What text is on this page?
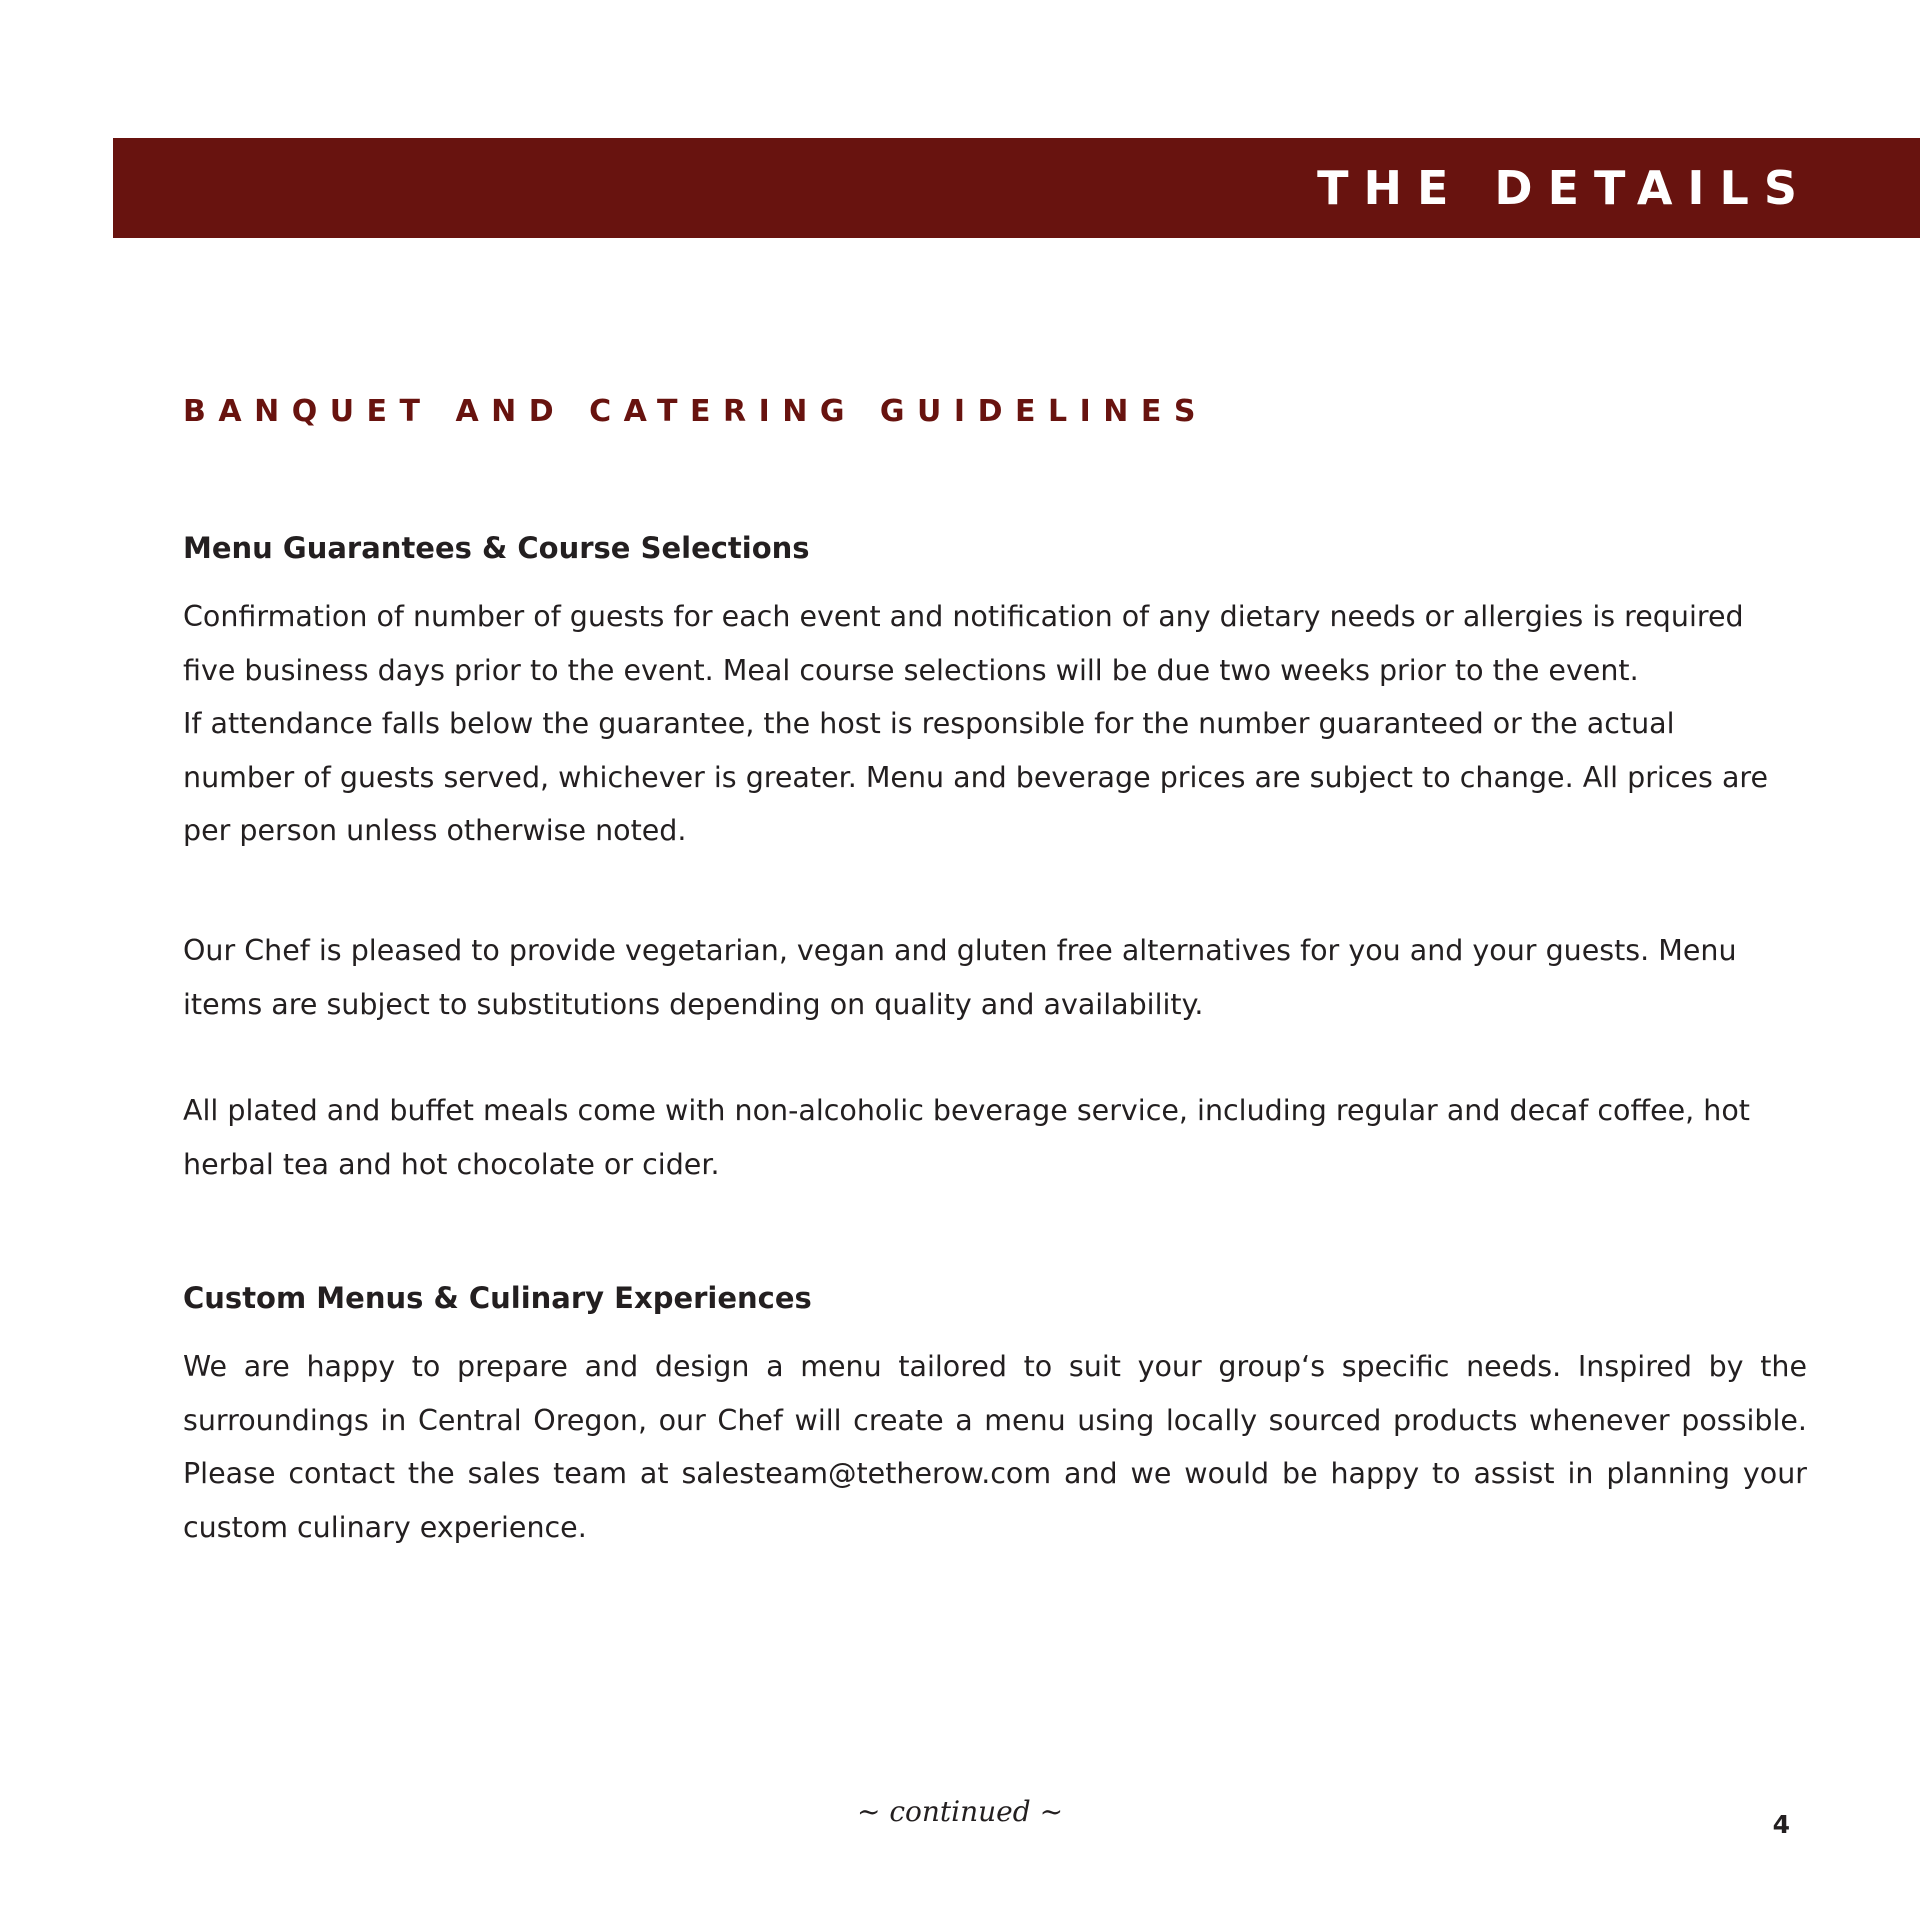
THE DETAILS
BANQUET AND CATERING GUIDELINES
Menu Guarantees & Course Selections
Confirmation of number of guests for each event and notification of any dietary needs or allergies is required
five business days prior to the event. Meal course selections will be due two weeks prior to the event.
If attendance falls below the guarantee, the host is responsible for the number guaranteed or the actual
number of guests served, whichever is greater. Menu and beverage prices are subject to change. All prices are
per person unless otherwise noted.
Our Chef is pleased to provide vegetarian, vegan and gluten free alternatives for you and your guests. Menu
items are subject to substitutions depending on quality and availability.
All plated and buffet meals come with non-alcoholic beverage service, including regular and decaf coffee, hot
herbal tea and hot chocolate or cider.
Custom Menus & Culinary Experiences
We are happy to prepare and design a menu tailored to suit your group‘s specific needs. Inspired by the
surroundings in Central Oregon, our Chef will create a menu using locally sourced products whenever possible.
Please contact the sales team at salesteam@tetherow.com and we would be happy to assist in planning your
custom culinary experience.
~ continued ~	4
